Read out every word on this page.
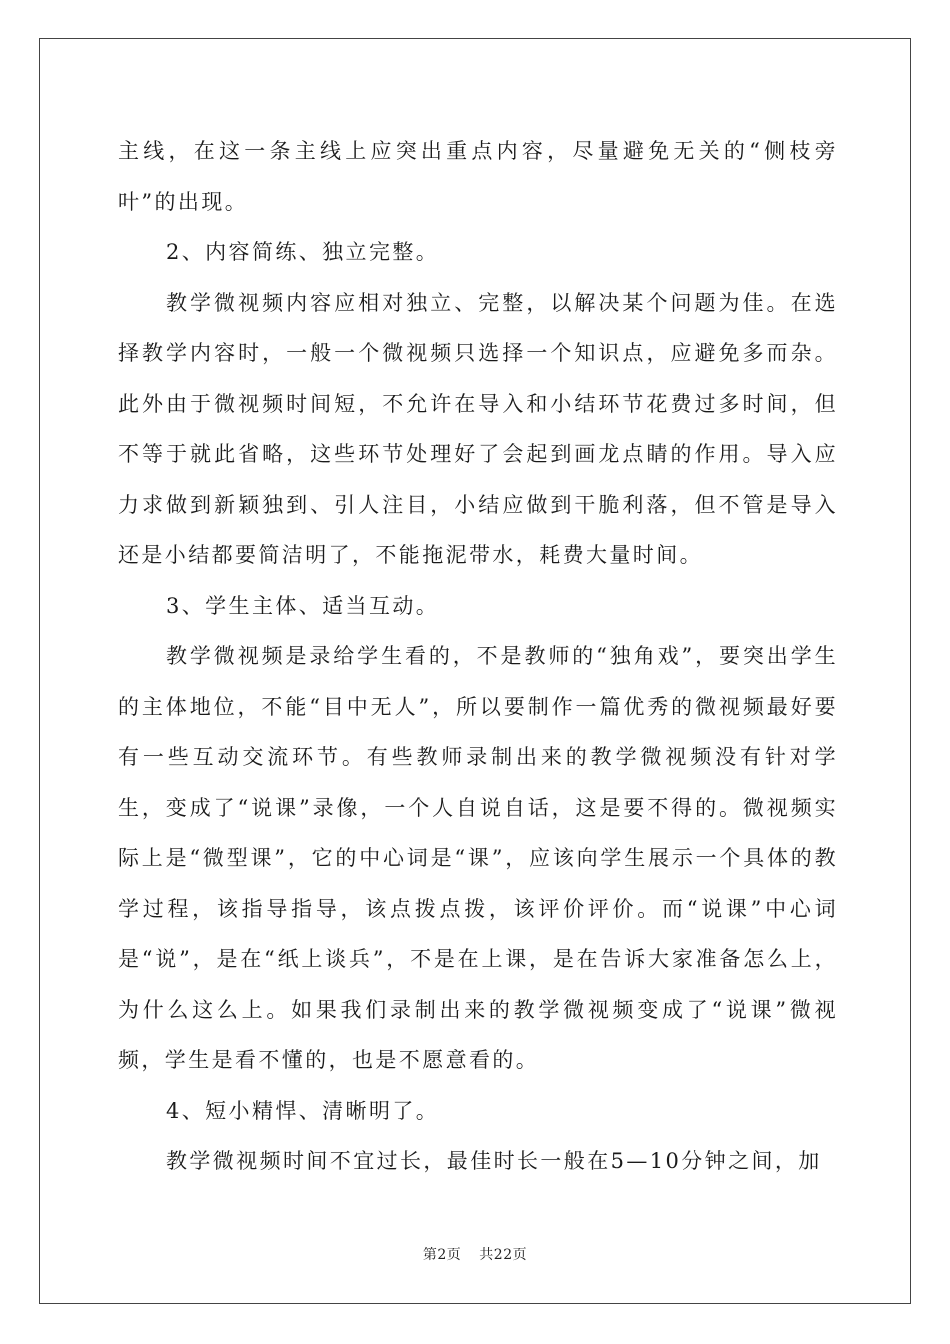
主线，在这一条主线上应突出重点内容，尽量避免无关的“侧枝旁叶”的出现。

2、内容简练、独立完整。

教学微视频内容应相对独立、完整，以解决某个问题为佳。在选择教学内容时，一般一个微视频只选择一个知识点，应避免多而杂。此外由于微视频时间短，不允许在导入和小结环节花费过多时间，但不等于就此省略，这些环节处理好了会起到画龙点睛的作用。导入应力求做到新颖独到、引人注目，小结应做到干脆利落，但不管是导入还是小结都要简洁明了，不能拖泥带水，耗费大量时间。

3、学生主体、适当互动。

教学微视频是录给学生看的，不是教师的“独角戏”，要突出学生的主体地位，不能“目中无人”，所以要制作一篇优秀的微视频最好要有一些互动交流环节。有些教师录制出来的教学微视频没有针对学生，变成了“说课”录像，一个人自说自话，这是要不得的。微视频实际上是“微型课”，它的中心词是“课”，应该向学生展示一个具体的教学过程，该指导指导，该点拨点拨，该评价评价。而“说课”中心词是“说”，是在“纸上谈兵”，不是在上课，是在告诉大家准备怎么上，为什么这么上。如果我们录制出来的教学微视频变成了“说课”微视频，学生是看不懂的，也是不愿意看的。

4、短小精悍、清晰明了。

教学微视频时间不宜过长，最佳时长一般在5—10分钟之间，加

第2页 共22页
